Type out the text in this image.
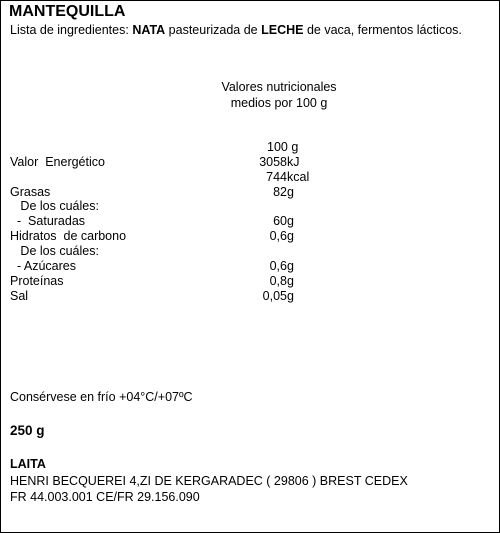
MANTEQUILLA
Lista de ingredientes: NATA pasteurizada de LECHE de vaca, fermentos lácticos.
Valores nutricionales
medios por 100 g
100 g
Valor  Energético	3058 kJ
744 kcal
Grasas	82 g
De los cuáles:
-  Saturadas	60 g
Hidratos  de carbono	0,6 g
De los cuáles:
- Azúcares	0,6 g
Proteínas	0,8 g
Sal	0,05 g
Consérvese en frío +04°C/+07ºC
250 g
LAITA
HENRI BECQUEREI 4,ZI DE KERGARADEC ( 29806 ) BREST CEDEX
FR 44.003.001 CE/FR 29.156.090
